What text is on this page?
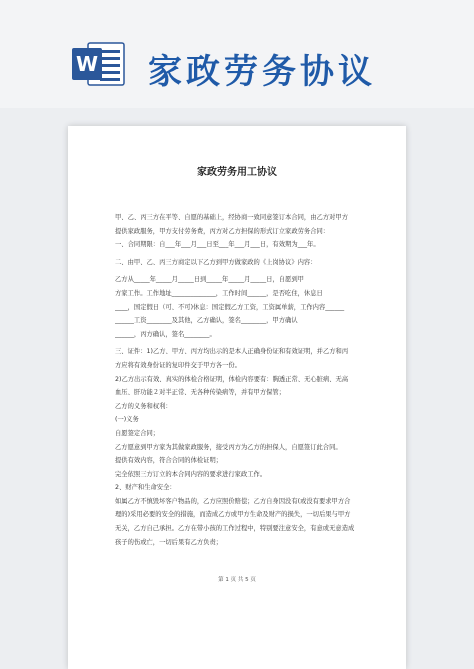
W 家政劳务协议
家政劳务用工协议
甲、乙、丙三方在平等、自愿的基础上，经协商一致同意签订本合同，由乙方对甲方
提供家政服务，甲方支付劳务费，丙方对乙方担保的形式订立家政劳务合同：
一、合同期限：自___年___月___日至___年___月___日，有效期为___年。
二、由甲、乙、丙三方商定以下乙方到甲方做家政的《上岗协议》内容：
乙方从_____年_____月_____日到_____年_____月_____日，自愿到甲
方家工作。工作地址______________，工作时间______，是否吃住，休息日
____，国定假日（可、不可)休息：国定假乙方工资，工资属单薪，工作内容______
______工资________及其他，乙方确认，签名________，甲方确认
______，丙方确认，签名________。
三、证件：1)乙方、甲方、丙方均出示的是本人正确身份证和有效证明，并乙方和丙
方应将有效身份证的复印件交于甲方各一份。
2)乙方出示有效、真实的体检合格证明，体检内容要有：胸透正常、无心脏病、无高
血压、肝功能２对半正常、无各种传染病等，并有甲方保管；
乙方的义务和权利：
(一)义务
自愿签定合同；
乙方愿意到甲方家为其做家政服务，接受丙方为乙方的担保人，自愿签订此合同。
提供有效内容，符合合同的体检证明；
完全依照三方订立的本合同内容的要求进行家政工作。
2、财产和生命安全：
如属乙方不慎毁坏客户物品的，乙方应照价赔偿；乙方自身因没有(或没有要求甲方合
理的)采用必要的安全的措施，而造成乙方或甲方生命及财产的损失，一切后果与甲方
无关，乙方自己承担。乙方在带小孩的工作过程中，特别要注意安全，有意或无意造成
孩子的伤或亡，一切后果有乙方负责；
第 1 页 共 5 页
